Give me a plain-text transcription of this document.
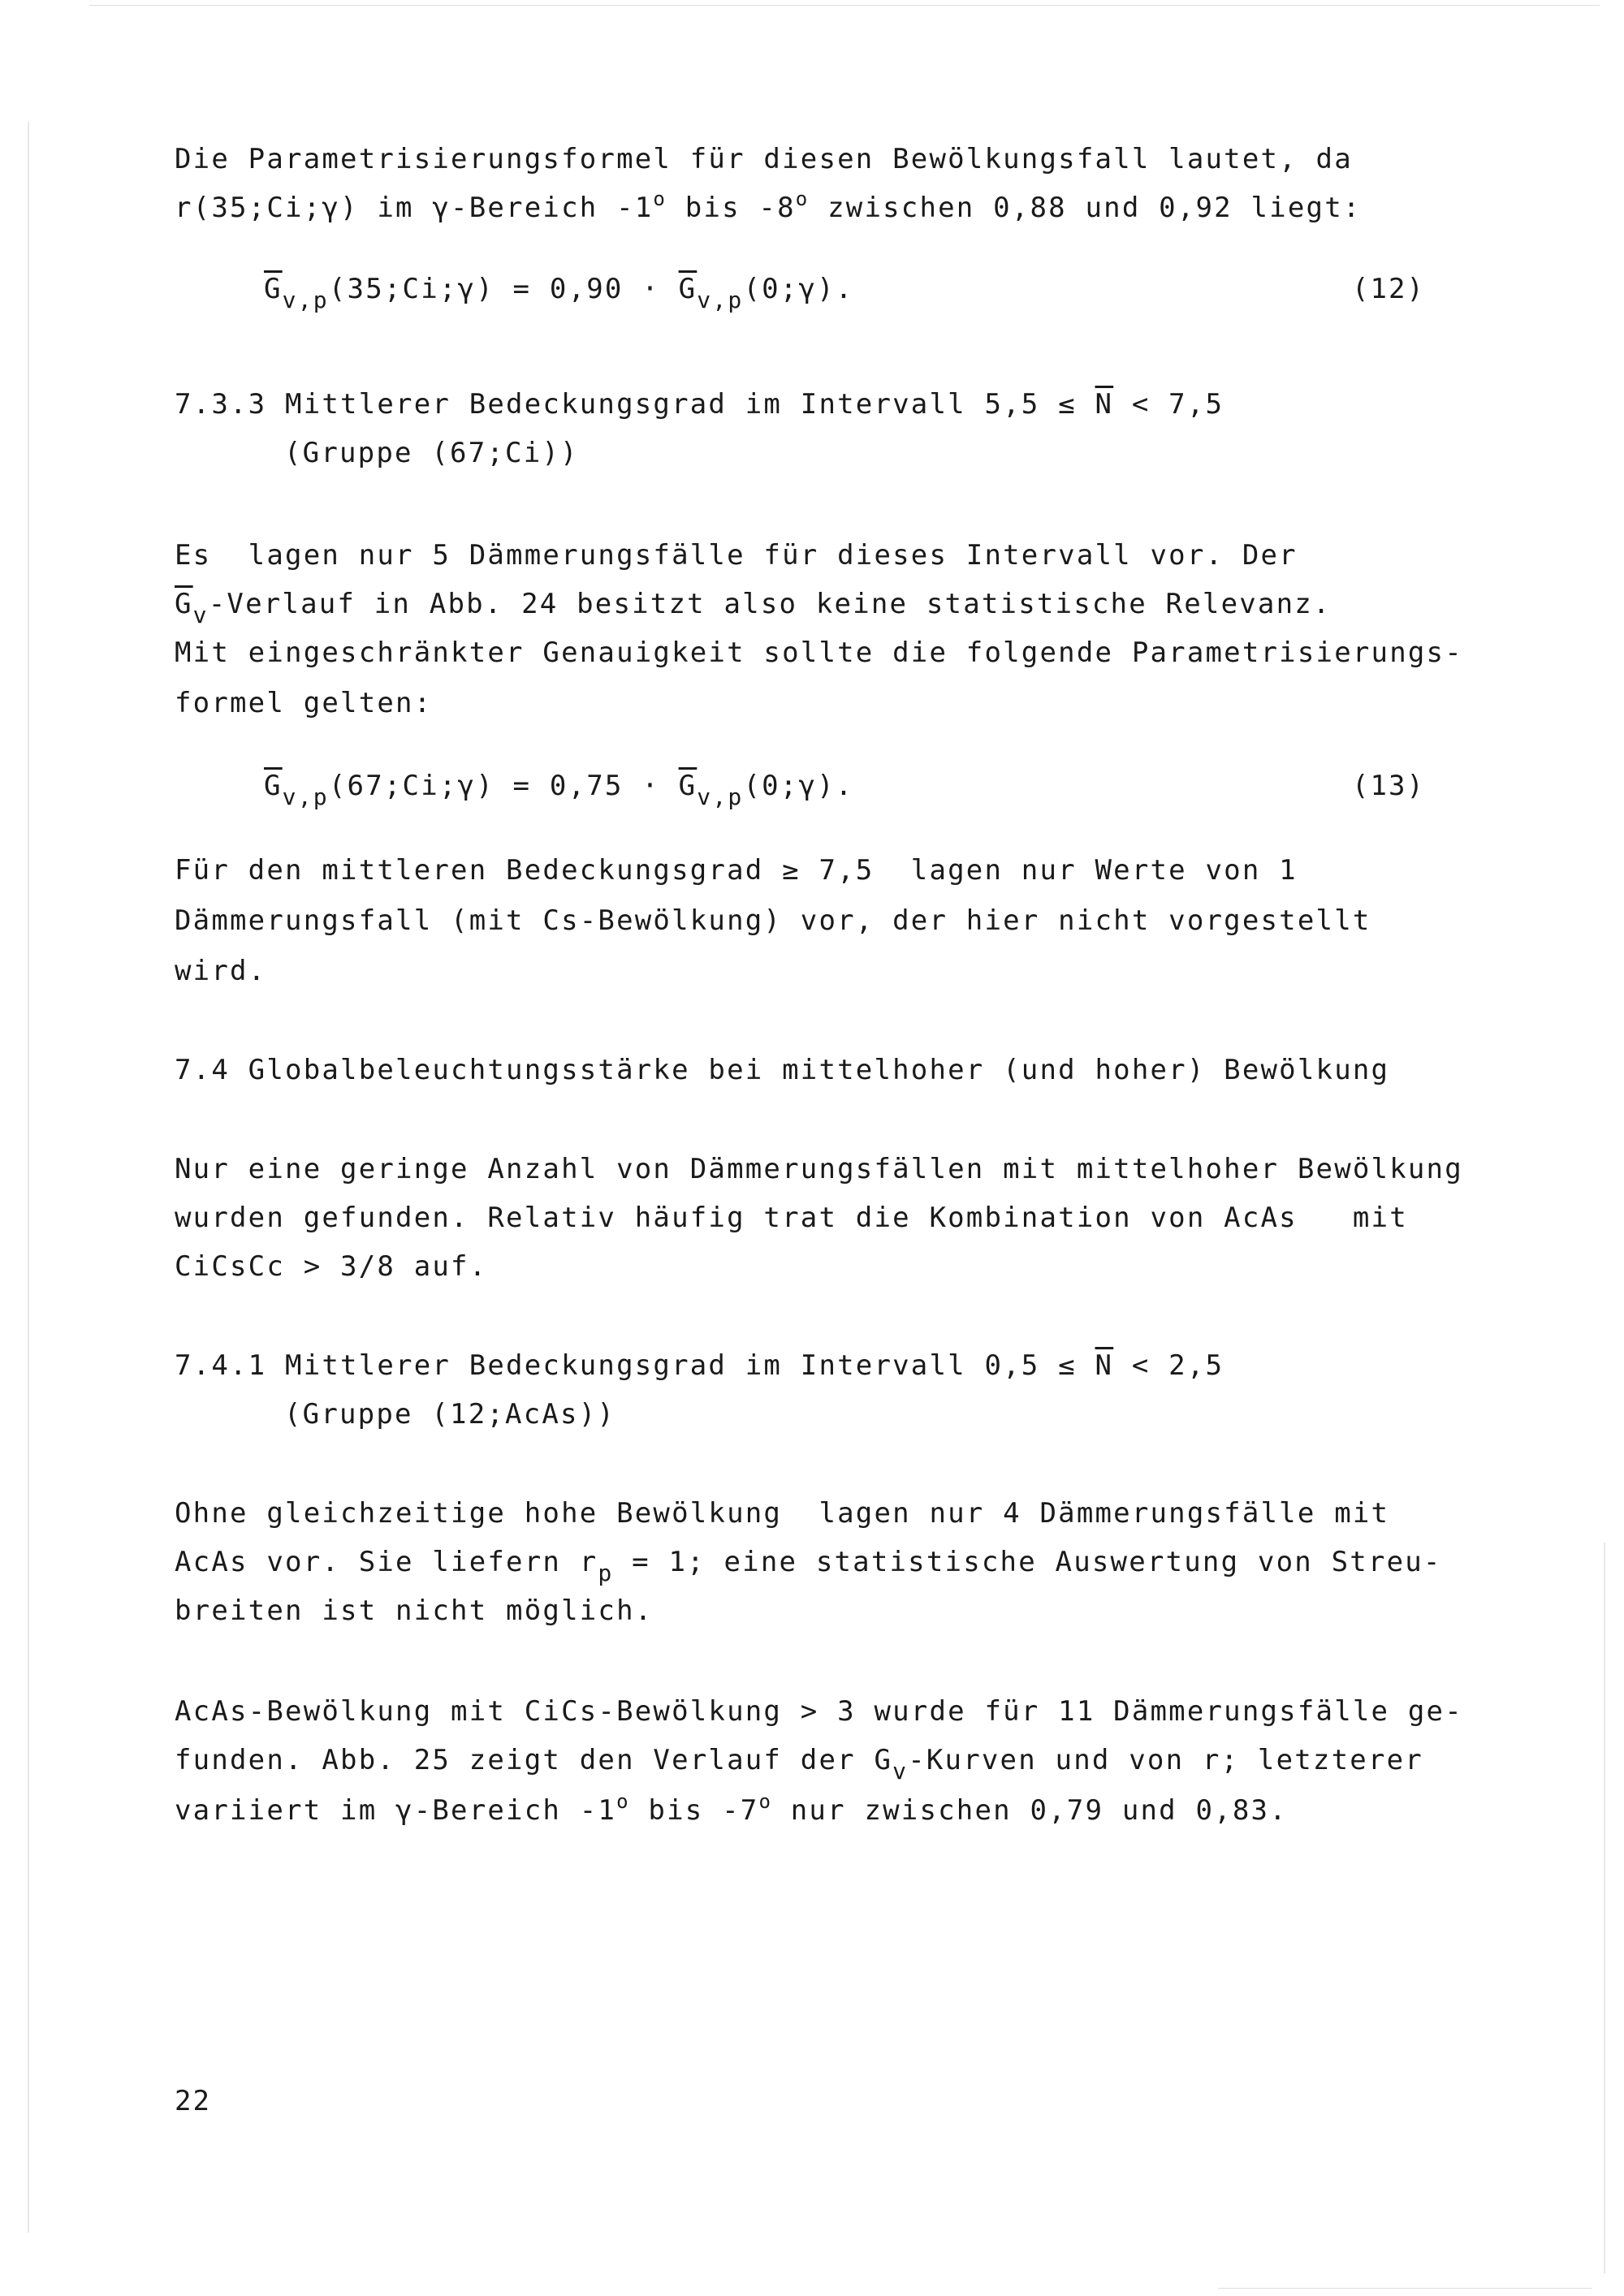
Die Parametrisierungsformel für diesen Bewölkungsfall lautet, da
r(35;Ci;γ) im γ-Bereich -1$^o$ bis -8$^o$ zwischen 0,88 und 0,92 liegt:
$\overline{G}_{v,p}(35;Ci;\gamma) = 0,90$ · $\overline{G}_{v,p}(0;\gamma)$.	(12)
7.3.3 Mittlerer Bedeckungsgrad im Intervall $5,5 \le \overline{N} < 7,5$
(Gruppe (67;Ci))
Es  lagen nur 5 Dämmerungsfälle für dieses Intervall vor. Der
$\overline{G}_v$-Verlauf in Abb. 24 besitzt also keine statistische Relevanz.
Mit eingeschränkter Genauigkeit sollte die folgende Parametrisierungs-
formel gelten:
$\overline{G}_{v,p}(67;Ci;\gamma) = 0,75$ · $\overline{G}_{v,p}(0;\gamma)$.	(13)
Für den mittleren Bedeckungsgrad ≥ 7,5  lagen nur Werte von 1
Dämmerungsfall (mit Cs-Bewölkung) vor, der hier nicht vorgestellt
wird.
7.4 Globalbeleuchtungsstärke bei mittelhoher (und hoher) Bewölkung
Nur eine geringe Anzahl von Dämmerungsfällen mit mittelhoher Bewölkung
wurden gefunden. Relativ häufig trat die Kombination von AcAs   mit
CiCsCc > 3/8 auf.
7.4.1 Mittlerer Bedeckungsgrad im Intervall $0,5 \le \overline{N} < 2,5$
(Gruppe (12;AcAs))
Ohne gleichzeitige hohe Bewölkung  lagen nur 4 Dämmerungsfälle mit
AcAs vor. Sie liefern $r_p = 1$; eine statistische Auswertung von Streu-
breiten ist nicht möglich.
AcAs-Bewölkung mit CiCs-Bewölkung > 3 wurde für 11 Dämmerungsfälle ge-
funden. Abb. 25 zeigt den Verlauf der $G_v$-Kurven und von r; letzterer
variiert im γ-Bereich -1$^o$ bis -7$^o$ nur zwischen 0,79 und 0,83.
22
